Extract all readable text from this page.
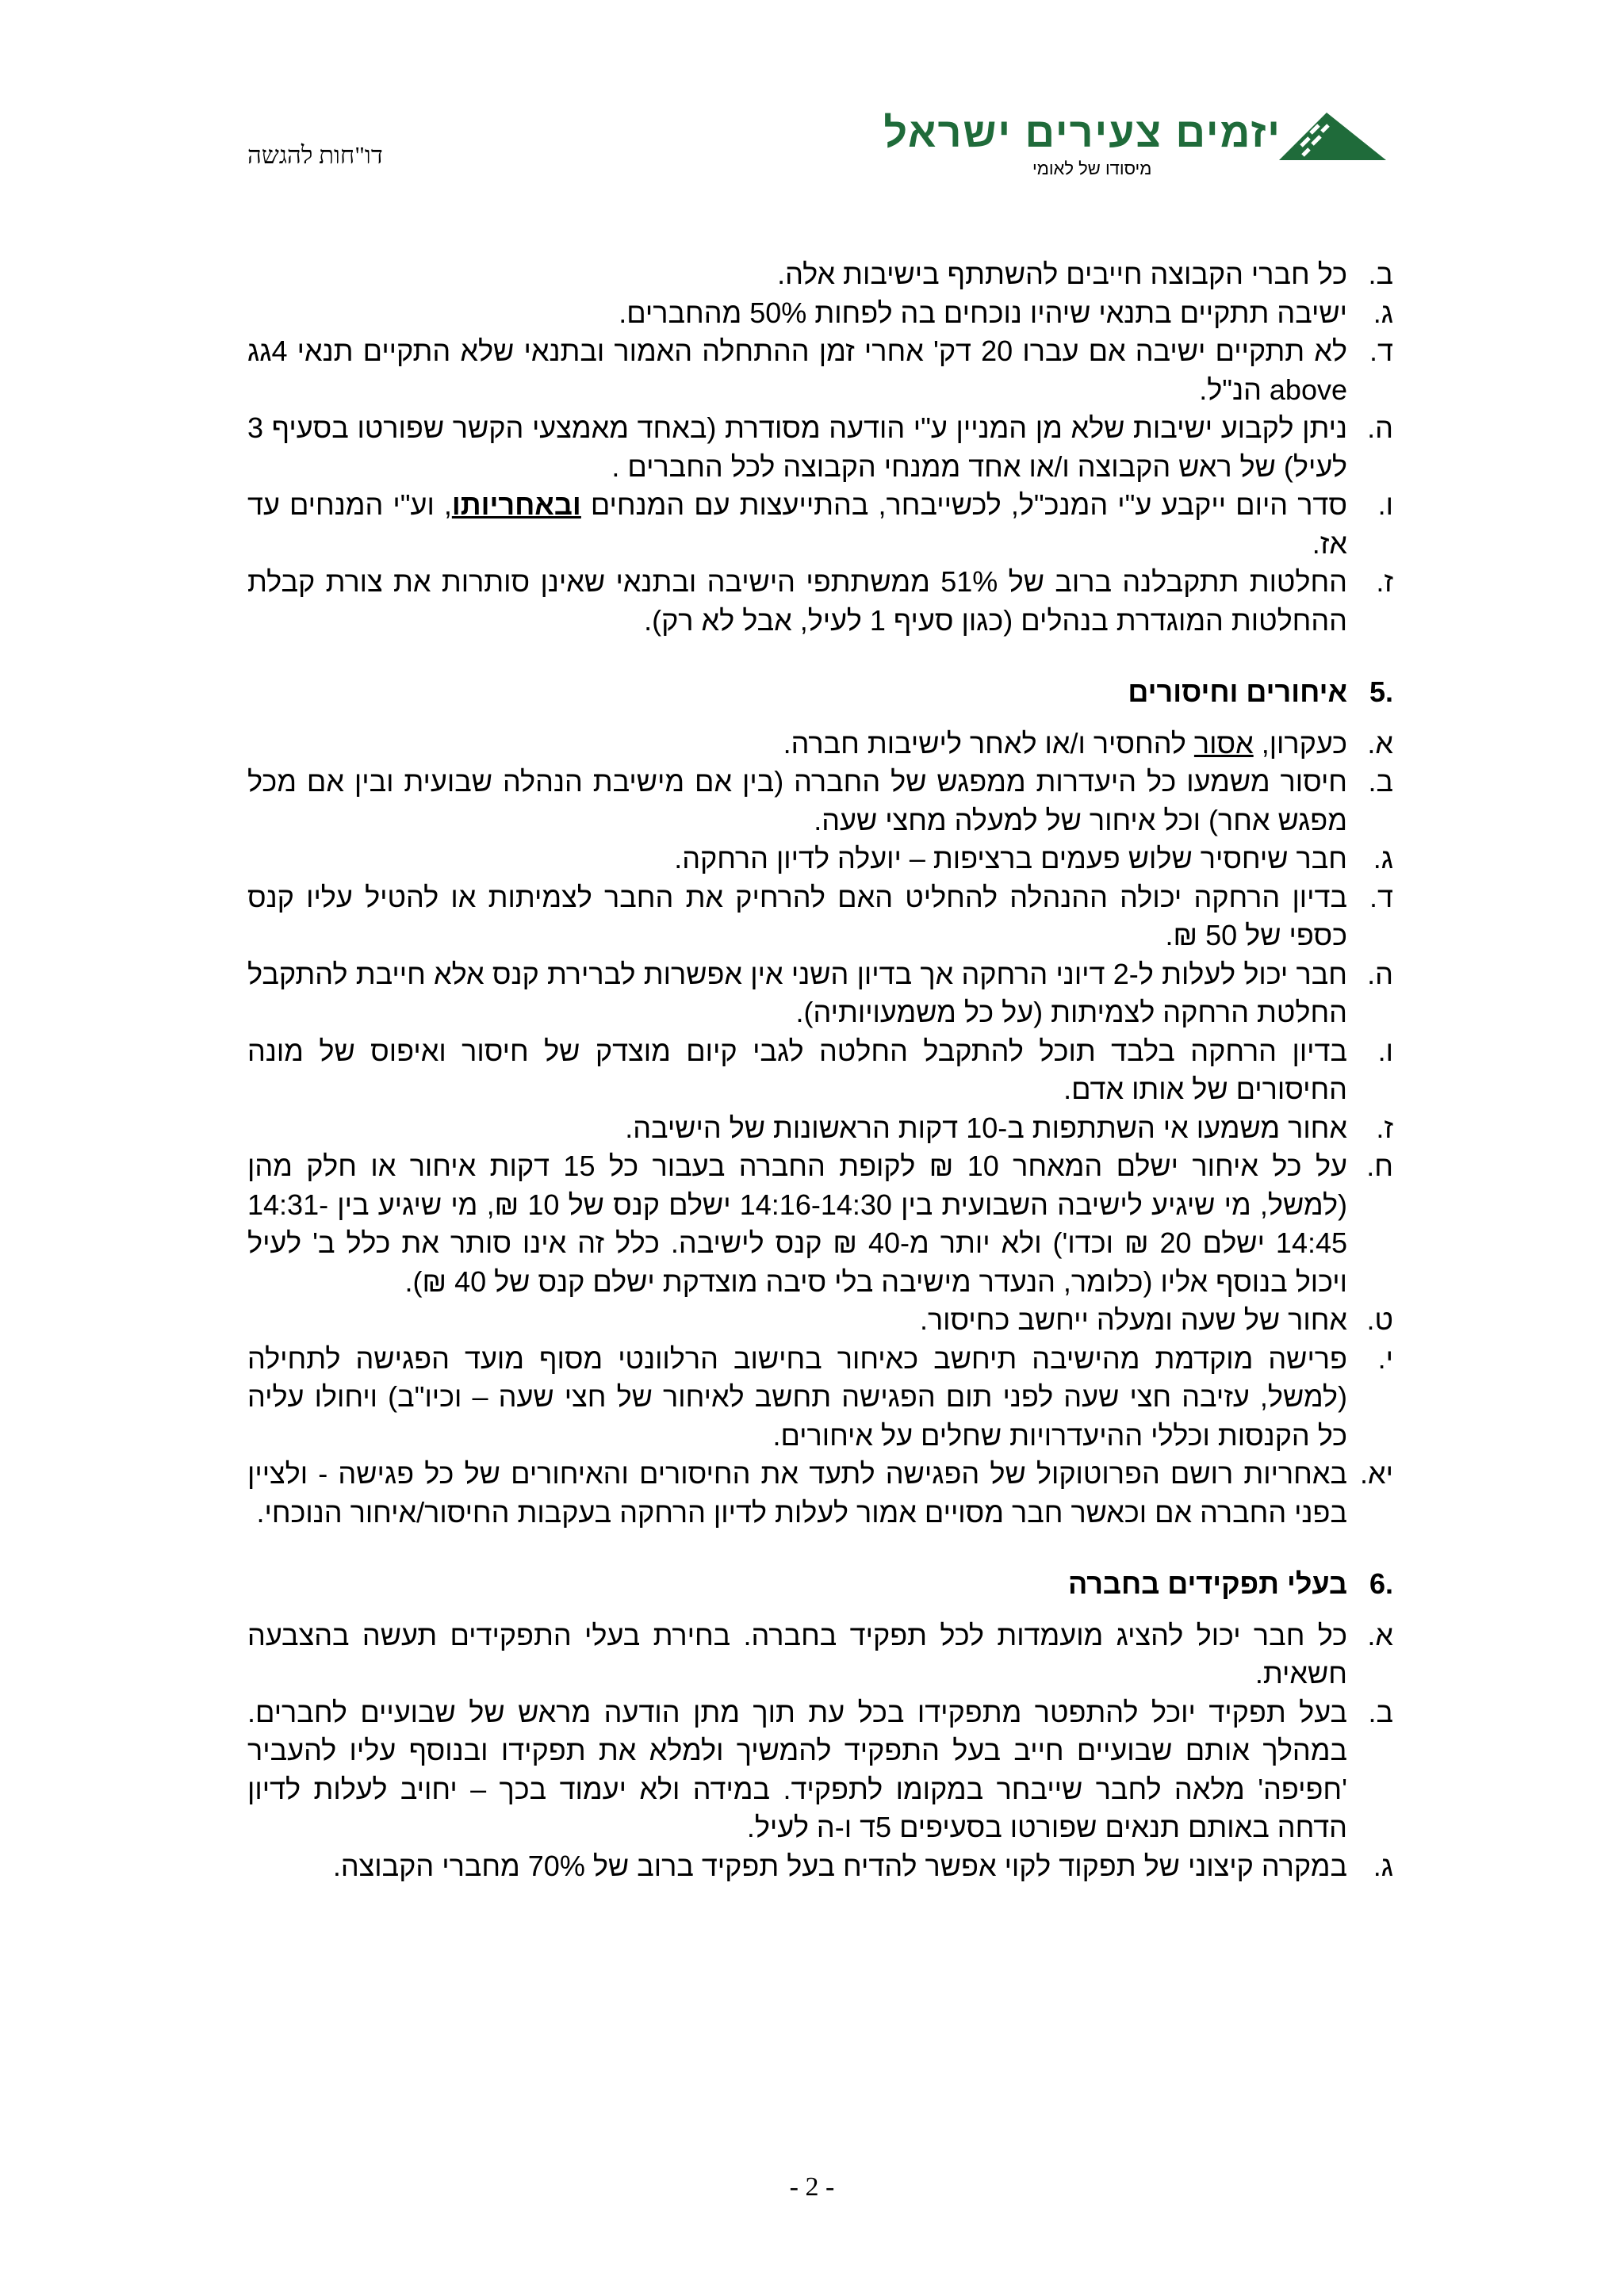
דו"חות להגשה	יזמים צעירים ישראל
מיסודו של לאומי
ב.
כל חברי הקבוצה חייבים להשתתף בישיבות אלה.
ג.
ישיבה תתקיים בתנאי שיהיו נוכחים בה לפחות 50% מהחברים.
ד.
לא תתקיים ישיבה אם עברו 20 דק' אחרי זמן ההתחלה האמור ובתנאי שלא התקיים תנאי 4גג above הנ"ל.
ה.
ניתן לקבוע ישיבות שלא מן המניין ע"י הודעה מסודרת (באחד מאמצעי הקשר שפורטו בסעיף 3 לעיל) של ראש הקבוצה ו/או אחד ממנחי הקבוצה לכל החברים .
ו.
סדר היום ייקבע ע"י המנכ"ל, לכשייבחר, בהתייעצות עם המנחים ובאחריותו, וע"י המנחים עד אז.
ז.
החלטות תתקבלנה ברוב של 51% ממשתתפי הישיבה ובתנאי שאינן סותרות את צורת קבלת ההחלטות המוגדרת בנהלים (כגון סעיף 1 לעיל, אבל לא רק).
.5
איחורים וחיסורים
א.
כעקרון, אסור להחסיר ו/או לאחר לישיבות חברה.
ב.
חיסור משמעו כל היעדרות ממפגש של החברה (בין אם מישיבת הנהלה שבועית ובין אם מכל מפגש אחר) וכל איחור של למעלה מחצי שעה.
ג.
חבר שיחסיר שלוש פעמים ברציפות – יועלה לדיון הרחקה.
ד.
בדיון הרחקה יכולה ההנהלה להחליט האם להרחיק את החבר לצמיתות או להטיל עליו קנס כספי של 50 ₪.
ה.
חבר יכול לעלות ל-2 דיוני הרחקה אך בדיון השני אין אפשרות לברירת קנס אלא חייבת להתקבל החלטת הרחקה לצמיתות (על כל משמעויותיה).
ו.
בדיון הרחקה בלבד תוכל להתקבל החלטה לגבי קיום מוצדק של חיסור ואיפוס של מונה החיסורים של אותו אדם.
ז.
אחור משמעו אי השתתפות ב-10 דקות הראשונות של הישיבה.
ח.
על כל איחור ישלם המאחר 10 ₪ לקופת החברה בעבור כל 15 דקות איחור או חלק מהן (למשל, מי שיגיע לישיבה השבועית בין 14:16-14:30 ישלם קנס של 10 ₪, מי שיגיע בין 14:31-14:45 ישלם 20 ₪ וכדו') ולא יותר מ-40 ₪ קנס לישיבה. כלל זה אינו סותר את כלל ב' לעיל ויכול בנוסף אליו (כלומר, הנעדר מישיבה בלי סיבה מוצדקת ישלם קנס של 40 ₪).
ט.
אחור של שעה ומעלה ייחשב כחיסור.
י.
פרישה מוקדמת מהישיבה תיחשב כאיחור בחישוב הרלוונטי מסוף מועד הפגישה לתחילה (למשל, עזיבה חצי שעה לפני תום הפגישה תחשב לאיחור של חצי שעה – וכיו"ב) ויחולו עליה כל הקנסות וכללי ההיעדרויות שחלים על איחורים.
יא.
באחריות רושם הפרוטוקול של הפגישה לתעד את החיסורים והאיחורים של כל פגישה - ולציין בפני החברה אם וכאשר חבר מסויים אמור לעלות לדיון הרחקה בעקבות החיסור/איחור הנוכחי.
.6
בעלי תפקידים בחברה
א.
כל חבר יכול להציג מועמדות לכל תפקיד בחברה. בחירת בעלי התפקידים תעשה בהצבעה חשאית.
ב.
בעל תפקיד יוכל להתפטר מתפקידו בכל עת תוך מתן הודעה מראש של שבועיים לחברים. במהלך אותם שבועיים חייב בעל התפקיד להמשיך ולמלא את תפקידו ובנוסף עליו להעביר 'חפיפה' מלאה לחבר שייבחר במקומו לתפקיד. במידה ולא יעמוד בכך – יחויב לעלות לדיון הדחה באותם תנאים שפורטו בסעיפים 5ד ו-ה לעיל.
ג.
במקרה קיצוני של תפקוד לקוי אפשר להדיח בעל תפקיד ברוב של 70% מחברי הקבוצה.
- 2 -
